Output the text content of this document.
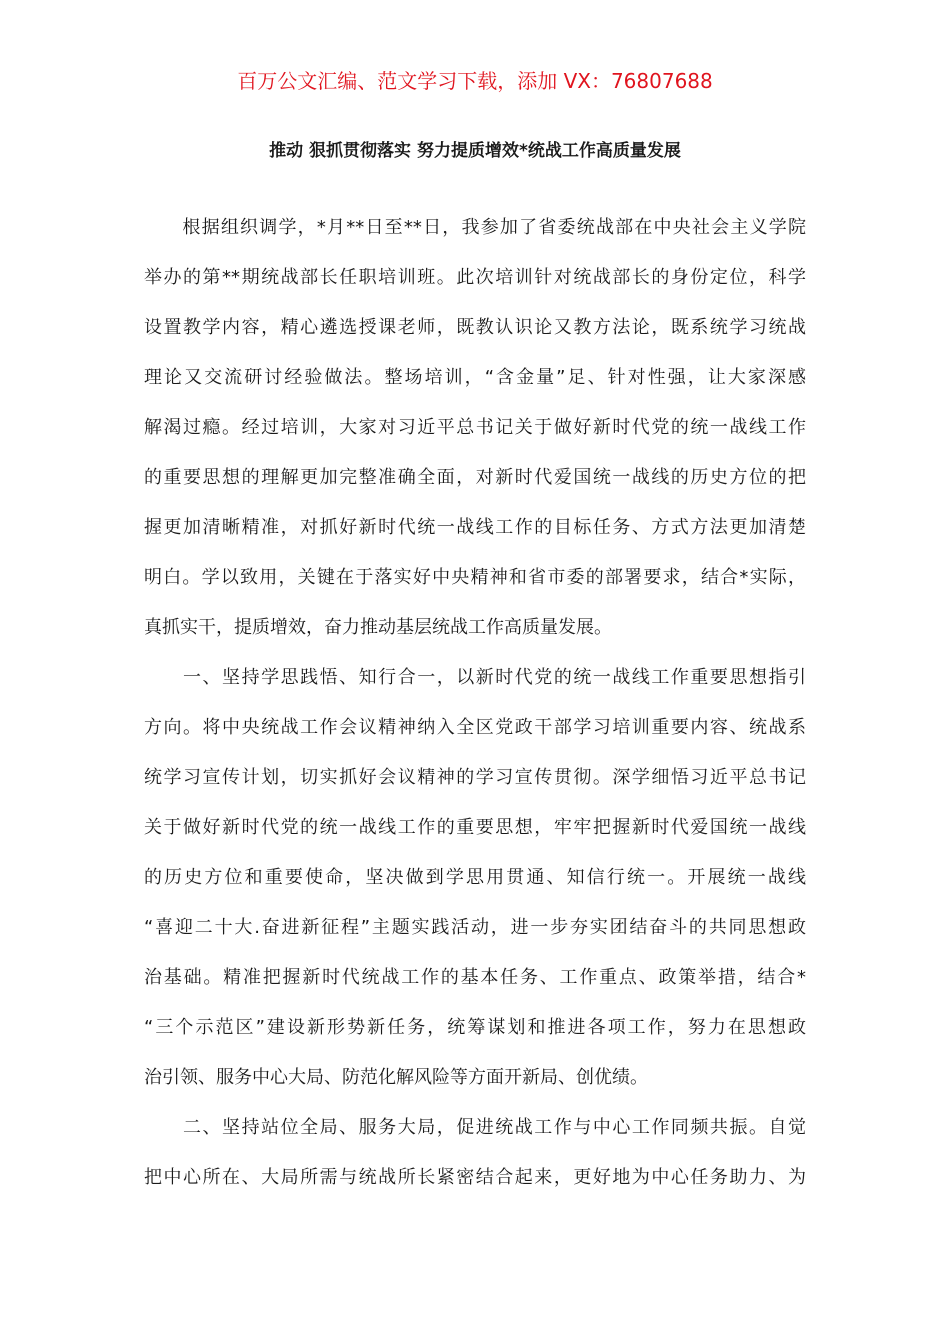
百万公文汇编、范文学习下载，添加 VX：76807688
推动 狠抓贯彻落实 努力提质增效*统战工作高质量发展
　　根据组织调学，*月**日至**日，我参加了省委统战部在中央社会主义学院
举办的第**期统战部长任职培训班。此次培训针对统战部长的身份定位，科学
设置教学内容，精心遴选授课老师，既教认识论又教方法论，既系统学习统战
理论又交流研讨经验做法。整场培训，“含金量”足、针对性强，让大家深感
解渴过瘾。经过培训，大家对习近平总书记关于做好新时代党的统一战线工作
的重要思想的理解更加完整准确全面，对新时代爱国统一战线的历史方位的把
握更加清晰精准，对抓好新时代统一战线工作的目标任务、方式方法更加清楚
明白。学以致用，关键在于落实好中央精神和省市委的部署要求，结合*实际，
真抓实干，提质增效，奋力推动基层统战工作高质量发展。
　　一、坚持学思践悟、知行合一，以新时代党的统一战线工作重要思想指引
方向。将中央统战工作会议精神纳入全区党政干部学习培训重要内容、统战系
统学习宣传计划，切实抓好会议精神的学习宣传贯彻。深学细悟习近平总书记
关于做好新时代党的统一战线工作的重要思想，牢牢把握新时代爱国统一战线
的历史方位和重要使命，坚决做到学思用贯通、知信行统一。开展统一战线
“喜迎二十大.奋进新征程”主题实践活动，进一步夯实团结奋斗的共同思想政
治基础。精准把握新时代统战工作的基本任务、工作重点、政策举措，结合*
“三个示范区”建设新形势新任务，统筹谋划和推进各项工作，努力在思想政
治引领、服务中心大局、防范化解风险等方面开新局、创优绩。
　　二、坚持站位全局、服务大局，促进统战工作与中心工作同频共振。自觉
把中心所在、大局所需与统战所长紧密结合起来，更好地为中心任务助力、为
